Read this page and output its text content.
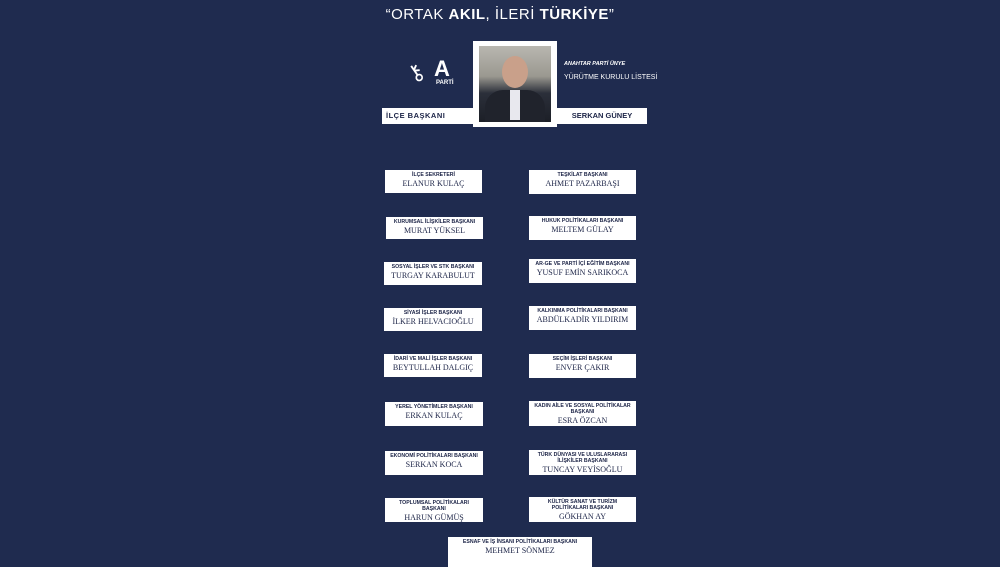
“ORTAK AKIL, İLERİ TÜRKİYE”
⚷ A
PARTİ
ANAHTAR PARTİ ÜNYE
YÜRÜTME KURULU LİSTESİ
İLÇE BAŞKANI	SERKAN GÜNEY
İLÇE SEKRETERİ
ELANUR KULAÇ
KURUMSAL İLİŞKİLER BAŞKANI
MURAT YÜKSEL
SOSYAL İŞLER VE STK BAŞKANI
TURGAY KARABULUT
SİYASİ İŞLER BAŞKANI
İLKER HELVACIOĞLU
İDARİ VE MALİ İŞLER BAŞKANI
BEYTULLAH DALGIÇ
YEREL YÖNETİMLER BAŞKANI
ERKAN KULAÇ
EKONOMİ POLİTİKALARI BAŞKANI
SERKAN KOCA
TOPLUMSAL POLİTİKALARI BAŞKANI
HARUN GÜMÜŞ
TEŞKİLAT BAŞKANI
AHMET PAZARBAŞI
HUKUK POLİTİKALARI BAŞKANI
MELTEM GÜLAY
AR-GE VE PARTİ İÇİ EĞİTİM BAŞKANI
YUSUF EMİN SARIKOCA
KALKINMA POLİTİKALARI BAŞKANI
ABDÜLKADİR YILDIRIM
SEÇİM İŞLERİ BAŞKANI
ENVER ÇAKIR
KADIN AİLE VE SOSYAL POLİTİKALAR BAŞKANI
ESRA ÖZCAN
TÜRK DÜNYASI VE ULUSLARARASI İLİŞKİLER BAŞKANI
TUNCAY VEYİSOĞLU
KÜLTÜR SANAT VE TURİZM POLİTİKALARI BAŞKANI
GÖKHAN AY
ESNAF VE İŞ İNSANI POLİTİKALARI BAŞKANI
MEHMET SÖNMEZ
